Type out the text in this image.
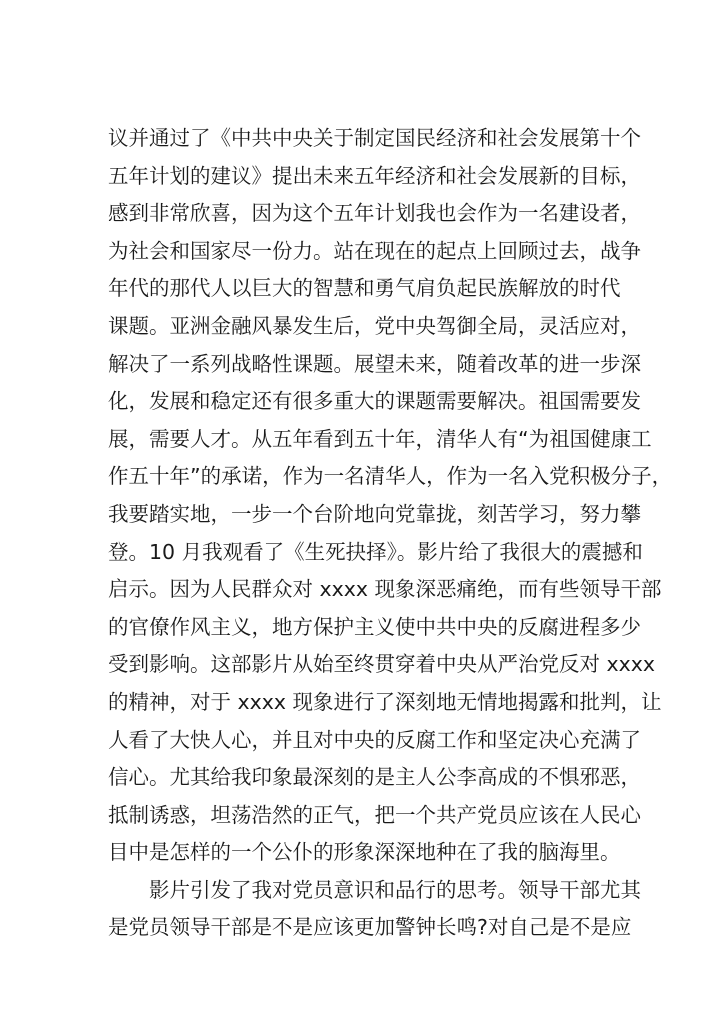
议并通过了《中共中央关于制定国民经济和社会发展第十个
五年计划的建议》提出未来五年经济和社会发展新的目标，
感到非常欣喜，因为这个五年计划我也会作为一名建设者，
为社会和国家尽一份力。站在现在的起点上回顾过去，战争
年代的那代人以巨大的智慧和勇气肩负起民族解放的时代
课题。亚洲金融风暴发生后，党中央驾御全局，灵活应对，
解决了一系列战略性课题。展望未来，随着改革的进一步深
化，发展和稳定还有很多重大的课题需要解决。祖国需要发
展，需要人才。从五年看到五十年，清华人有“为祖国健康工
作五十年”的承诺，作为一名清华人，作为一名入党积极分子，
我要踏实地，一步一个台阶地向党靠拢，刻苦学习，努力攀
登。10 月我观看了《生死抉择》。影片给了我很大的震撼和
启示。因为人民群众对 xxxx 现象深恶痛绝，而有些领导干部
的官僚作风主义，地方保护主义使中共中央的反腐进程多少
受到影响。这部影片从始至终贯穿着中央从严治党反对 xxxx
的精神，对于 xxxx 现象进行了深刻地无情地揭露和批判，让
人看了大快人心，并且对中央的反腐工作和坚定决心充满了
信心。尤其给我印象最深刻的是主人公李高成的不惧邪恶，
抵制诱惑，坦荡浩然的正气，把一个共产党员应该在人民心
目中是怎样的一个公仆的形象深深地种在了我的脑海里。
影片引发了我对党员意识和品行的思考。领导干部尤其
是党员领导干部是不是应该更加警钟长鸣?对自己是不是应
